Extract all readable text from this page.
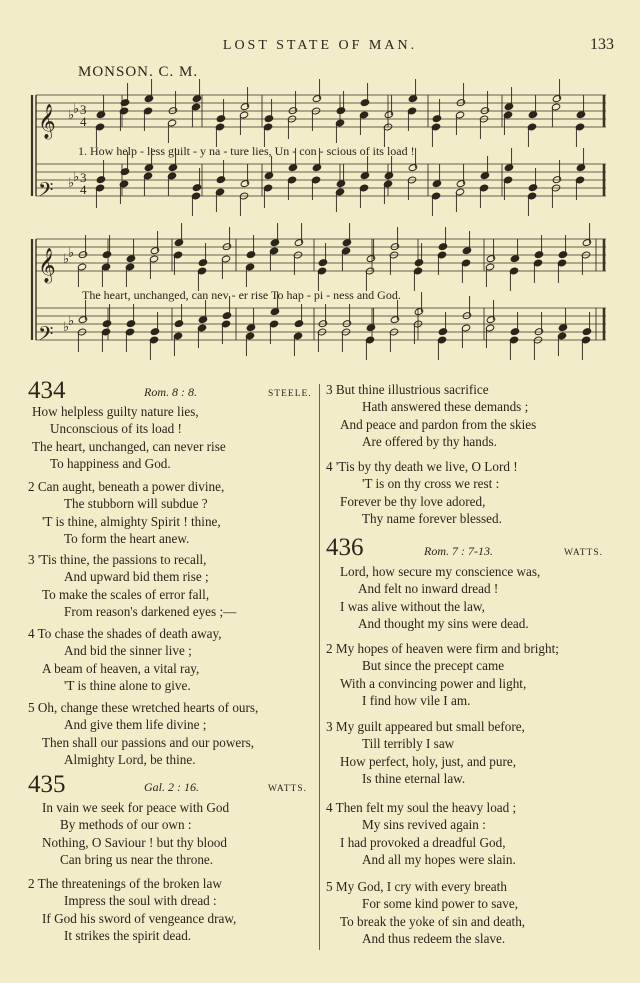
LOST STATE OF MAN.	133
MONSON. C. M.
𝄞
𝄢
𝄞
𝄢
♭
♭
♭
♭
♭
♭
♭
♭
3
4
3
4
1. How help - less guilt - y na - ture lies, Un - con - scious of its load !
The heart, unchanged, can nev - er rise To hap - pi - ness and God.
434	Rom. 8 : 8.	STEELE.

How helpless guilty nature lies,

Unconscious of its load !

The heart, unchanged, can never rise

To happiness and God.

2 Can aught, beneath a power divine,

The stubborn will subdue ?

'T is thine, almighty Spirit ! thine,

To form the heart anew.

3 'Tis thine, the passions to recall,

And upward bid them rise ;

To make the scales of error fall,

From reason's darkened eyes ;—

4 To chase the shades of death away,

And bid the sinner live ;

A beam of heaven, a vital ray,

'T is thine alone to give.

5 Oh, change these wretched hearts of ours,

And give them life divine ;

Then shall our passions and our powers,

Almighty Lord, be thine.

435	Gal. 2 : 16.	WATTS.

In vain we seek for peace with God

By methods of our own :

Nothing, O Saviour ! but thy blood

Can bring us near the throne.

2 The threatenings of the broken law

Impress the soul with dread :

If God his sword of vengeance draw,

It strikes the spirit dead.

3 But thine illustrious sacrifice

Hath answered these demands ;

And peace and pardon from the skies

Are offered by thy hands.

4 'Tis by thy death we live, O Lord !

'T is on thy cross we rest :

Forever be thy love adored,

Thy name forever blessed.

436	Rom. 7 : 7-13.	WATTS.

Lord, how secure my conscience was,

And felt no inward dread !

I was alive without the law,

And thought my sins were dead.

2 My hopes of heaven were firm and bright;

But since the precept came

With a convincing power and light,

I find how vile I am.

3 My guilt appeared but small before,

Till terribly I saw

How perfect, holy, just, and pure,

Is thine eternal law.

4 Then felt my soul the heavy load ;

My sins revived again :

I had provoked a dreadful God,

And all my hopes were slain.

5 My God, I cry with every breath

For some kind power to save,

To break the yoke of sin and death,

And thus redeem the slave.
